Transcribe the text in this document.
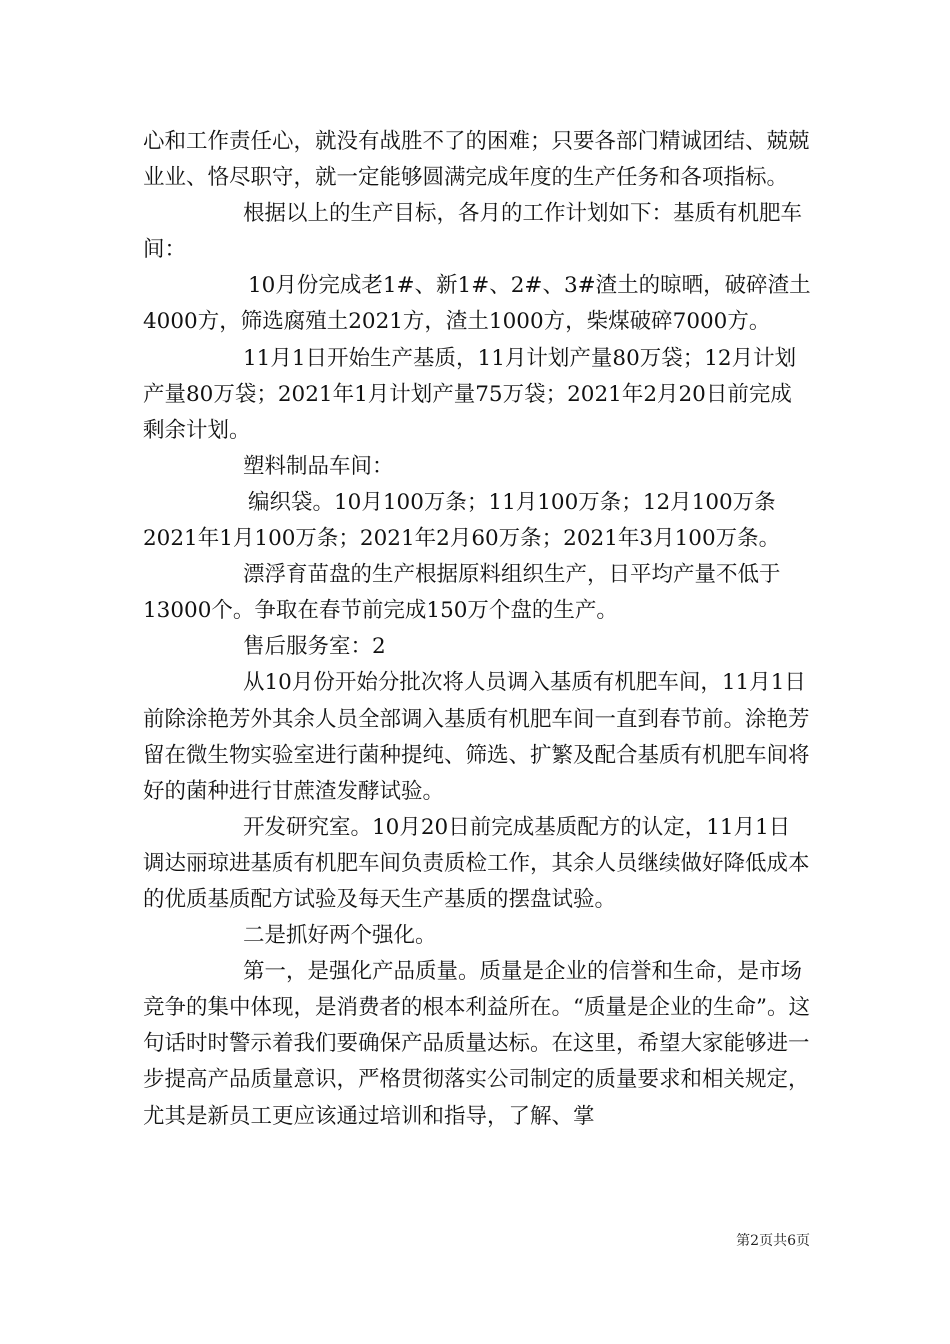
心和工作责任心，就没有战胜不了的困难；只要各部门精诚团结、兢兢业业、恪尽职守，就一定能够圆满完成年度的生产任务和各项指标。

根据以上的生产目标，各月的工作计划如下：基质有机肥车间：

10月份完成老1#、新1#、2#、3#渣土的晾晒，破碎渣土4000方，筛选腐殖土2021方，渣土1000方，柴煤破碎7000方。

11月1日开始生产基质，11月计划产量80万袋；12月计划产量80万袋；2021年1月计划产量75万袋；2021年2月20日前完成剩余计划。

塑料制品车间：

编织袋。10月100万条；11月100万条；12月100万条2021年1月100万条；2021年2月60万条；2021年3月100万条。

漂浮育苗盘的生产根据原料组织生产，日平均产量不低于13000个。争取在春节前完成150万个盘的生产。

售后服务室：2

从10月份开始分批次将人员调入基质有机肥车间，11月1日前除涂艳芳外其余人员全部调入基质有机肥车间一直到春节前。涂艳芳留在微生物实验室进行菌种提纯、筛选、扩繁及配合基质有机肥车间将好的菌种进行甘蔗渣发酵试验。

开发研究室。10月20日前完成基质配方的认定，11月1日调达丽琼进基质有机肥车间负责质检工作，其余人员继续做好降低成本的优质基质配方试验及每天生产基质的摆盘试验。

二是抓好两个强化。

第一，是强化产品质量。质量是企业的信誉和生命，是市场竞争的集中体现，是消费者的根本利益所在。“质量是企业的生命”。这句话时时警示着我们要确保产品质量达标。在这里，希望大家能够进一步提高产品质量意识，严格贯彻落实公司制定的质量要求和相关规定，尤其是新员工更应该通过培训和指导，了解、掌

第2页共6页
